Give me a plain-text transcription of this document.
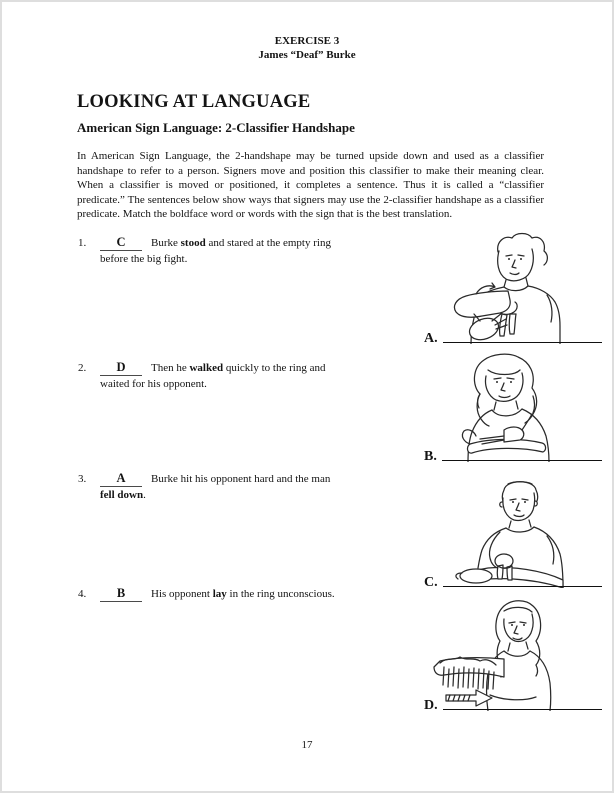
EXERCISE 3
James “Deaf” Burke
LOOKING AT LANGUAGE
American Sign Language: 2-Classifier Handshape

In American Sign Language, the 2-handshape may be turned upside down and used as a classifier handshape to refer to a person. Signers move and position this classifier to make their meaning clear. When a classifier is moved or positioned, it completes a sentence. Thus it is called a “classifier predicate.” The sentences below show ways that signers may use the 2-classifier handshape as a classifier predicate. Match the boldface word or words with the sign that is the best translation.

1.	C Burke stood and stared at the empty ring
before the big fight.
2.	D Then he walked quickly to the ring and
waited for his opponent.
3.	A Burke hit his opponent hard and the man
fell down.
4.	B His opponent lay in the ring unconscious.
A.
B.
C.
D.
17
